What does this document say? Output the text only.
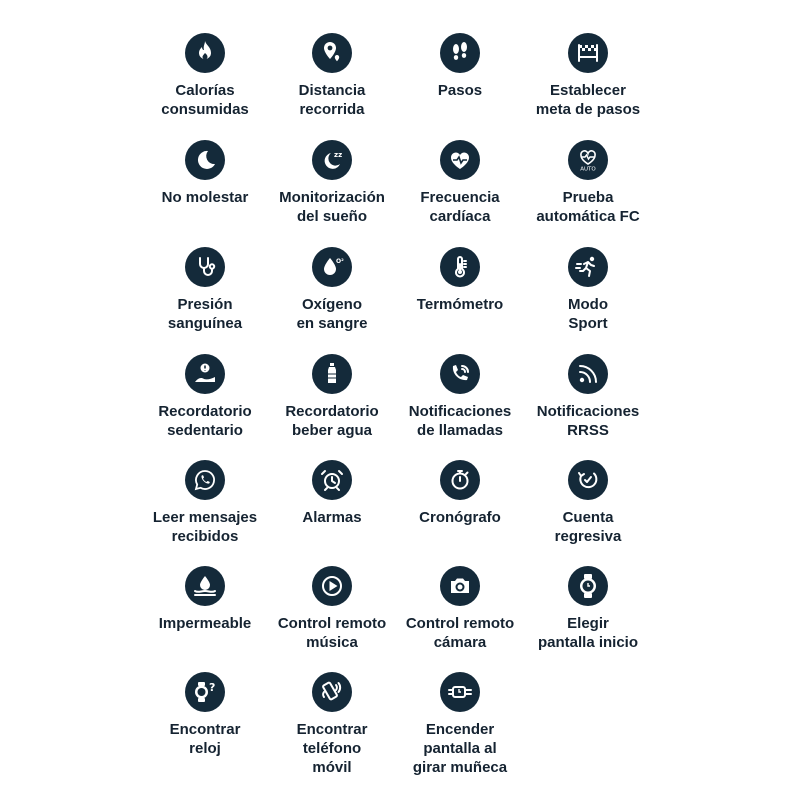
Calorías
consumidas
Distancia
recorrida
Pasos	Establecer
meta de pasos
No molestar
zz
Monitorización
del sueño
Frecuencia
cardíaca
AUTO
Prueba
automática FC
Presión
sanguínea
O²
Oxígeno
en sangre
Termómetro	Modo
Sport
Recordatorio
sedentario
Recordatorio
beber agua
Notificaciones
de llamadas
Notificaciones
RRSS
Leer mensajes
recibidos
Alarmas	Cronógrafo	Cuenta
regresiva
Impermeable Control remoto
música
Control remoto
cámara
Elegir
pantalla inicio
?
Encontrar
reloj
Encontrar
teléfono
móvil
Encender
pantalla al
girar muñeca
